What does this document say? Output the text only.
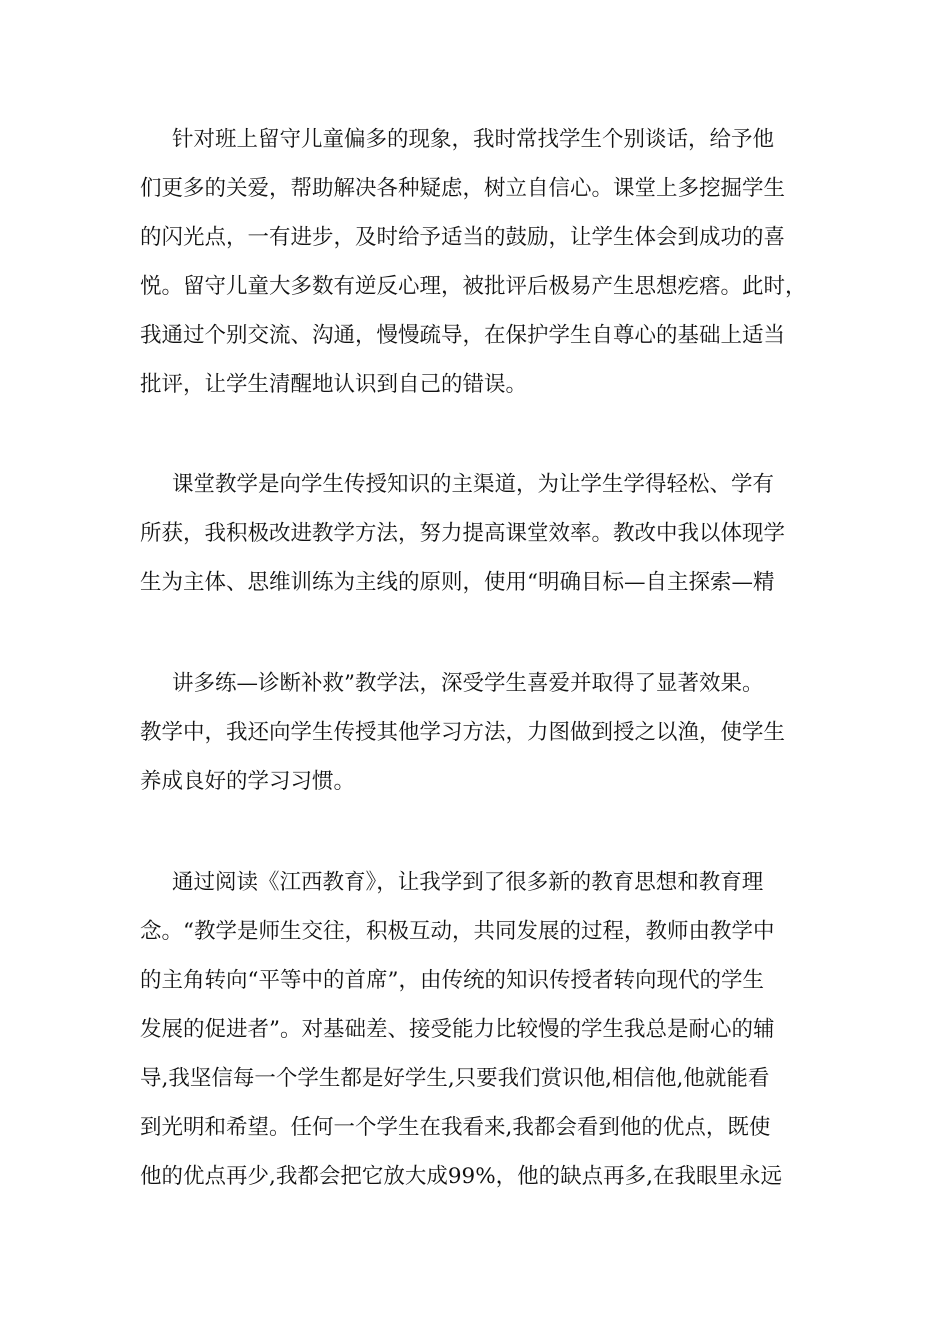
针对班上留守儿童偏多的现象，我时常找学生个别谈话，给予他

们更多的关爱，帮助解决各种疑虑，树立自信心。课堂上多挖掘学生

的闪光点，一有进步，及时给予适当的鼓励，让学生体会到成功的喜

悦。留守儿童大多数有逆反心理，被批评后极易产生思想疙瘩。此时，

我通过个别交流、沟通，慢慢疏导，在保护学生自尊心的基础上适当

批评，让学生清醒地认识到自己的错误。

课堂教学是向学生传授知识的主渠道，为让学生学得轻松、学有

所获，我积极改进教学方法，努力提高课堂效率。教改中我以体现学

生为主体、思维训练为主线的原则，使用“明确目标—自主探索—精

讲多练—诊断补救”教学法，深受学生喜爱并取得了显著效果。

教学中，我还向学生传授其他学习方法，力图做到授之以渔，使学生

养成良好的学习习惯。

通过阅读《江西教育》，让我学到了很多新的教育思想和教育理

念。“教学是师生交往，积极互动，共同发展的过程，教师由教学中

的主角转向“平等中的首席”，由传统的知识传授者转向现代的学生

发展的促进者”。对基础差、接受能力比较慢的学生我总是耐心的辅

导,我坚信每一个学生都是好学生,只要我们赏识他,相信他,他就能看

到光明和希望。任何一个学生在我看来,我都会看到他的优点，既使

他的优点再少,我都会把它放大成99%，他的缺点再多,在我眼里永远
